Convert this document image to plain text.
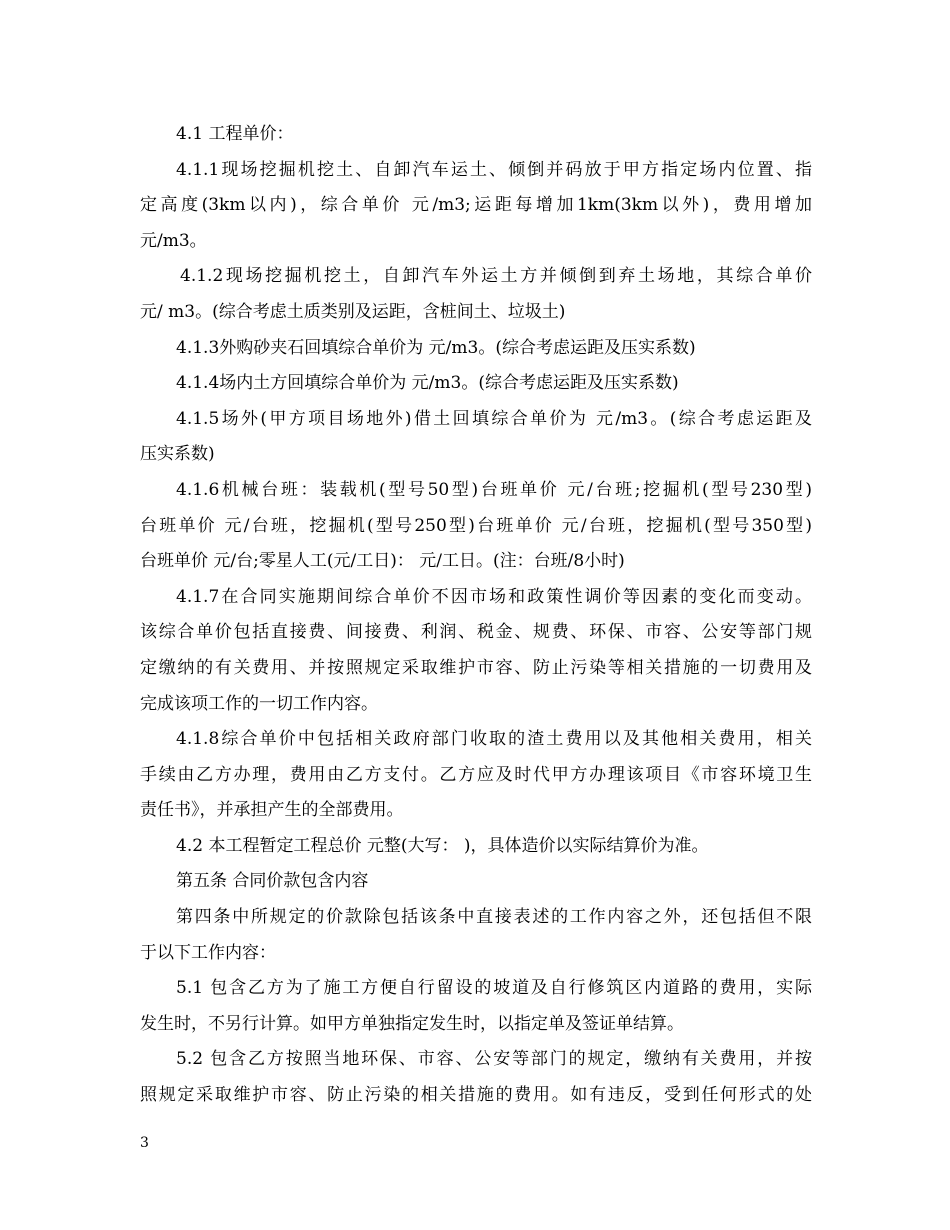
4.1 工程单价：
4.1.1现场挖掘机挖土、自卸汽车运土、倾倒并码放于甲方指定场内位置、指
定高度(3km以内)，综合单价 元/m3;运距每增加1km(3km以外)，费用增加
元/m3。
4.1.2现场挖掘机挖土，自卸汽车外运土方并倾倒到弃土场地，其综合单价
元/ m3。(综合考虑土质类别及运距，含桩间土、垃圾土)
4.1.3外购砂夹石回填综合单价为 元/m3。(综合考虑运距及压实系数)
4.1.4场内土方回填综合单价为 元/m3。(综合考虑运距及压实系数)
4.1.5场外(甲方项目场地外)借土回填综合单价为 元/m3。(综合考虑运距及
压实系数)
4.1.6机械台班：装载机(型号50型)台班单价 元/台班;挖掘机(型号230型)
台班单价 元/台班，挖掘机(型号250型)台班单价 元/台班，挖掘机(型号350型)
台班单价 元/台;零星人工(元/工日)： 元/工日。(注：台班/8小时)
4.1.7在合同实施期间综合单价不因市场和政策性调价等因素的变化而变动。
该综合单价包括直接费、间接费、利润、税金、规费、环保、市容、公安等部门规
定缴纳的有关费用、并按照规定采取维护市容、防止污染等相关措施的一切费用及
完成该项工作的一切工作内容。
4.1.8综合单价中包括相关政府部门收取的渣土费用以及其他相关费用，相关
手续由乙方办理，费用由乙方支付。乙方应及时代甲方办理该项目《市容环境卫生
责任书》，并承担产生的全部费用。
4.2 本工程暂定工程总价 元整(大写： )，具体造价以实际结算价为准。
第五条 合同价款包含内容
第四条中所规定的价款除包括该条中直接表述的工作内容之外，还包括但不限
于以下工作内容：
5.1 包含乙方为了施工方便自行留设的坡道及自行修筑区内道路的费用，实际
发生时，不另行计算。如甲方单独指定发生时，以指定单及签证单结算。
5.2 包含乙方按照当地环保、市容、公安等部门的规定，缴纳有关费用，并按
照规定采取维护市容、防止污染的相关措施的费用。如有违反，受到任何形式的处
3
